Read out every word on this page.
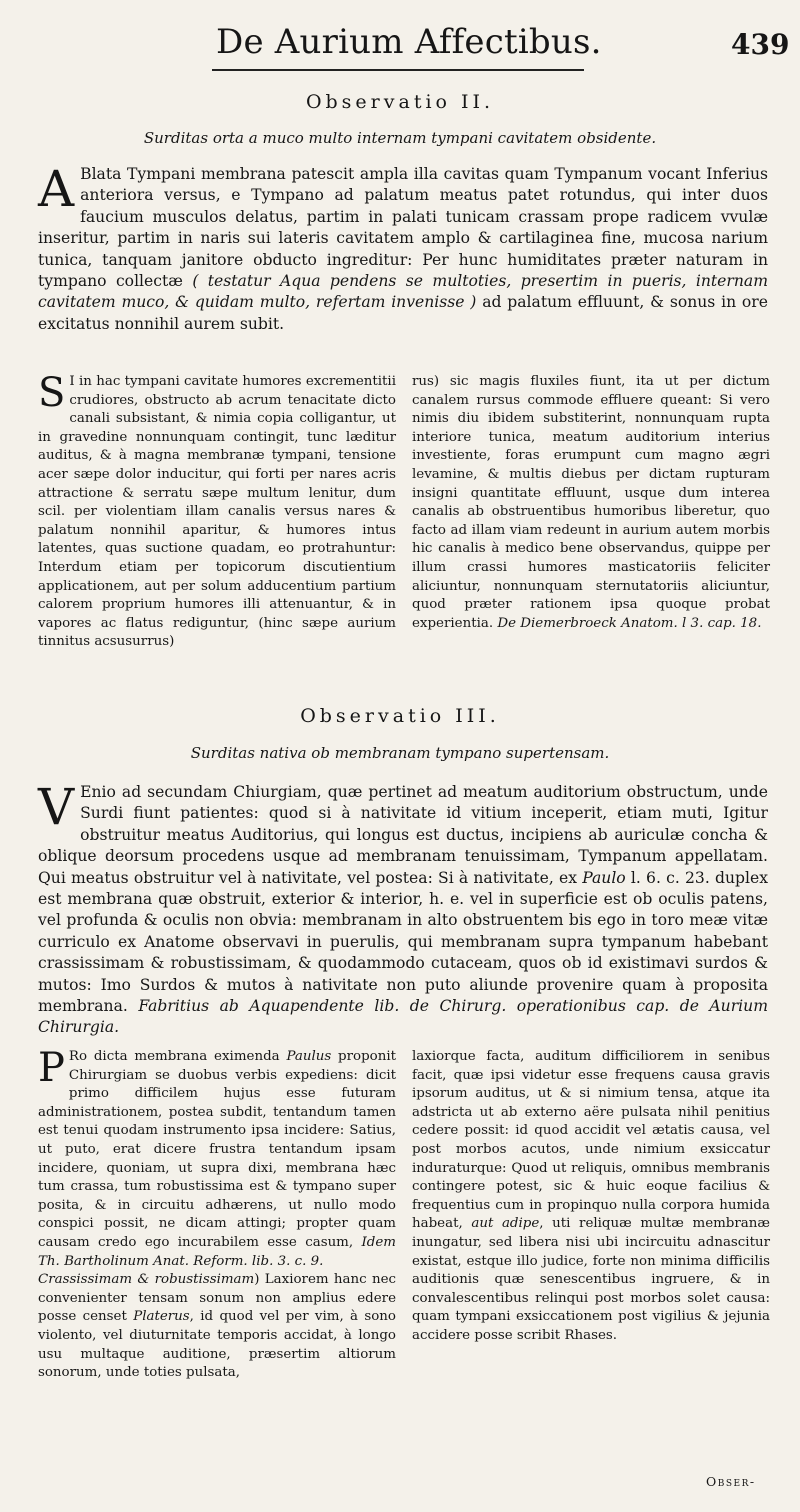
De Aurium Affectibus.	439
Observatio II.
Surditas orta a muco multo internam tympani cavitatem obsidente.
A Blata Tympani membrana patescit ampla illa cavitas quam Tympanum vocant Inferius anteriora versus, e Tympano ad palatum meatus patet rotundus, qui inter duos faucium musculos delatus, partim in palati tunicam crassam prope radicem vvulæ inseritur, partim in naris sui lateris cavitatem amplo & cartilaginea fine, mucosa narium tunica, tanquam janitore obducto ingreditur: Per hunc humiditates præter naturam in tympano collectæ ( testatur Aqua pendens se multoties, presertim in pueris, internam cavitatem muco, & quidam multo, refertam invenisse ) ad palatum effluunt, & sonus in ore excitatus nonnihil aurem subit.

S I in hac tympani cavitate humores excrementitii crudiores, obstructo ab acrum tenacitate dicto canali subsistant, & nimia copia colligantur, ut in gravedine nonnunquam contingit, tunc læditur auditus, & à magna membranæ tympani, tensione acer sæpe dolor inducitur, qui forti per nares acris attractione & serratu sæpe multum lenitur, dum scil. per violentiam illam canalis versus nares & palatum nonnihil aparitur, & humores intus latentes, quas suctione quadam, eo protrahuntur: Interdum etiam per topicorum discutientium applicationem, aut per solum adducentium partium calorem proprium humores illi attenuantur, & in vapores ac flatus rediguntur, (hinc sæpe aurium tinnitus acsusurrus)

rus) sic magis fluxiles fiunt, ita ut per dictum canalem rursus commode effluere queant: Si vero nimis diu ibidem substiterint, nonnunquam rupta interiore tunica, meatum auditorium interius investiente, foras erumpunt cum magno ægri levamine, & multis diebus per dictam rupturam insigni quantitate effluunt, usque dum interea canalis ab obstruentibus humoribus liberetur, quo facto ad illam viam redeunt in aurium autem morbis hic canalis à medico bene observandus, quippe per illum crassi humores masticatoriis feliciter aliciuntur, nonnunquam sternutatoriis aliciuntur, quod præter rationem ipsa quoque probat experientia. De Diemerbroeck Anatom. l 3. cap. 18.

Observatio III.
Surditas nativa ob membranam tympano supertensam.
V Enio ad secundam Chiurgiam, quæ pertinet ad meatum auditorium obstructum, unde Surdi fiunt patientes: quod si à nativitate id vitium inceperit, etiam muti, Igitur obstruitur meatus Auditorius, qui longus est ductus, incipiens ab auriculæ concha & oblique deorsum procedens usque ad membranam tenuissimam, Tympanum appellatam. Qui meatus obstruitur vel à nativitate, vel postea: Si à nativitate, ex Paulo l. 6. c. 23. duplex est membrana quæ obstruit, exterior & interior, h. e. vel in superficie est ob oculis patens, vel profunda & oculis non obvia: membranam in alto obstruentem bis ego in toro meæ vitæ curriculo ex Anatome observavi in puerulis, qui membranam supra tympanum habebant crassissimam & robustissimam, & quodammodo cutaceam, quos ob id existimavi surdos & mutos: Imo Surdos & mutos à nativitate non puto aliunde provenire quam à proposita membrana. Fabritius ab Aquapendente lib. de Chirurg. operationibus cap. de Aurium Chirurgia.

P Ro dicta membrana eximenda Paulus proponit Chirurgiam se duobus verbis expediens: dicit primo difficilem hujus esse futuram administrationem, postea subdit, tentandum tamen est tenui quodam instrumento ipsa incidere: Satius, ut puto, erat dicere frustra tentandum ipsam incidere, quoniam, ut supra dixi, membrana hæc tum crassa, tum robustissima est & tympano super posita, & in circuitu adhærens, ut nullo modo conspici possit, ne dicam attingi; propter quam causam credo ego incurabilem esse casum, Idem Th. Bartholinum Anat. Reform. lib. 3. c. 9.

Crassissimam & robustissimam) Laxiorem hanc nec convenienter tensam sonum non amplius edere posse censet Platerus, id quod vel per vim, à sono violento, vel diuturnitate temporis accidat, à longo usu multaque auditione, præsertim altiorum sonorum, unde toties pulsata,

laxiorque facta, auditum difficiliorem in senibus facit, quæ ipsi videtur esse frequens causa gravis ipsorum auditus, ut & si nimium tensa, atque ita adstricta ut ab externo aëre pulsata nihil penitius cedere possit: id quod accidit vel ætatis causa, vel post morbos acutos, unde nimium exsiccatur induraturque: Quod ut reliquis, omnibus membranis contingere potest, sic & huic eoque facilius & frequentius cum in propinquo nulla corpora humida habeat, aut adipe, uti reliquæ multæ membranæ inungatur, sed libera nisi ubi incircuitu adnascitur existat, estque illo judice, forte non minima difficilis auditionis quæ senescentibus ingruere, & in convalescentibus relinqui post morbos solet causa: quam tympani exsiccationem post vigilius & jejunia accidere posse scribit Rhases.

Obser-
